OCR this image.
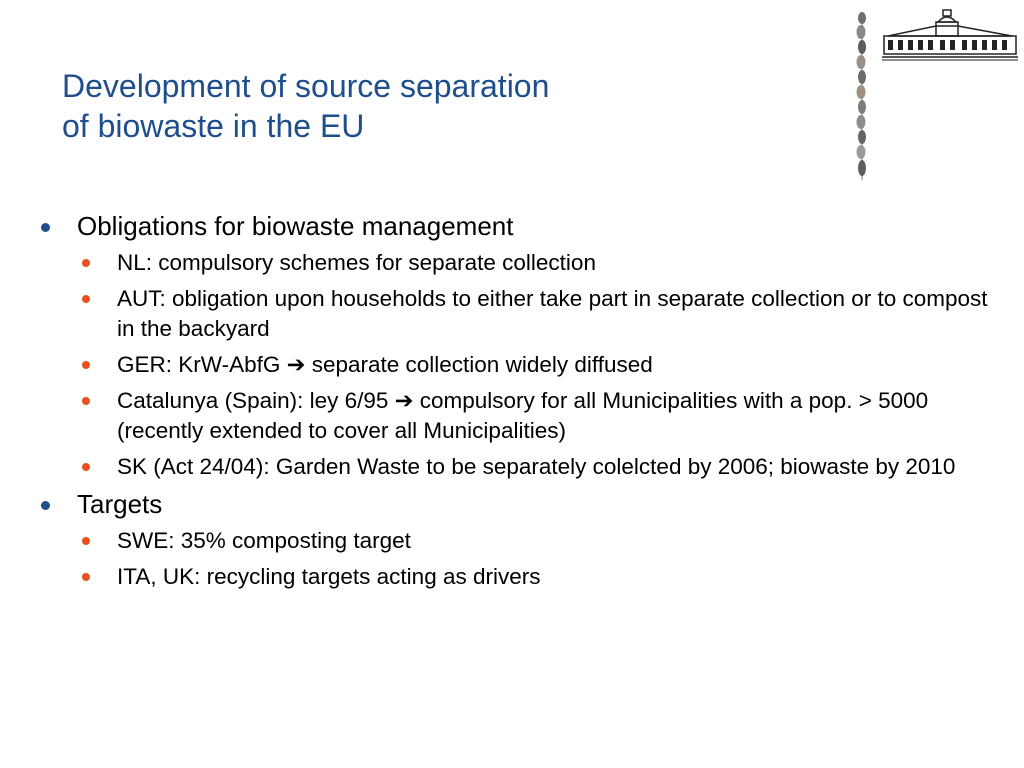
Development of source separation
of biowaste in the EU
Obligations for biowaste management
NL: compulsory schemes for separate collection
AUT: obligation upon households to either take part in separate collection or to compost in the backyard
GER: KrW-AbfG ➔ separate collection widely diffused
Catalunya (Spain): ley 6/95 ➔ compulsory for all Municipalities with a pop. > 5000 (recently extended to cover all Municipalities)
SK (Act 24/04): Garden Waste to be separately colelcted by 2006; biowaste by 2010
Targets
SWE: 35% composting target
ITA, UK: recycling targets acting as drivers
